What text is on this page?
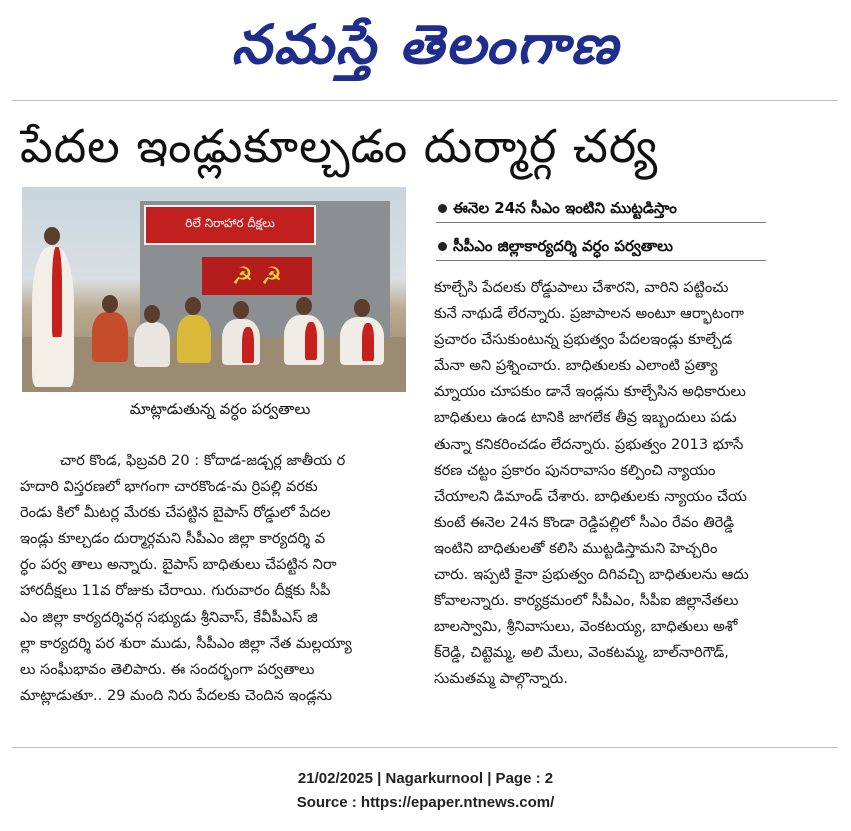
నమస్తే తెలంగాణ
పేదల ఇండ్లుకూల్చడం దుర్మార్గ చర్య
రిలే నిరాహార దీక్షలు
☭ ☭
మాట్లాడుతున్న వర్ధం పర్వతాలు
ఈనెల 24న సీఎం ఇంటిని ముట్టడిస్తాం
సీపీఎం జిల్లాకార్యదర్శి వర్ధం పర్వతాలు
చార కొండ, ఫిబ్రవరి 20 : కోదాడ-జడ్చర్ల జాతీయ ర
హదారి విస్తరణలో భాగంగా చారకొండ-మ ర్రిపల్లి వరకు
రెండు కిలో మీటర్ల మేరకు చేపట్టిన బైపాస్ రోడ్డులో పేదల
ఇండ్లు కూల్చడం దుర్మార్గమని సీపీఎం జిల్లా కార్యదర్శి వ
ర్ధం పర్వ తాలు అన్నారు. బైపాస్ బాధితులు చేపట్టిన నిరా
హారదీక్షలు 11వ రోజుకు చేరాయి. గురువారం దీక్షకు సీపీ
ఎం జిల్లా కార్యదర్శివర్గ సభ్యుడు శ్రీనివాస్, కేవీపీఎస్ జి
ల్లా కార్యదర్శి పర శురా ముడు, సీపీఎం జిల్లా నేత మల్లయ్యా
లు సంఘీభావం తెలిపారు. ఈ సందర్భంగా పర్వతాలు
మాట్లాడుతూ.. 29 మంది నిరు పేదలకు చెందిన ఇండ్లను
కూల్చేసి పేదలకు రోడ్డుపాలు చేశారని, వారిని పట్టించు
కునే నాథుడే లేరన్నారు. ప్రజాపాలన అంటూ ఆర్భాటంగా
ప్రచారం చేసుకుంటున్న ప్రభుత్వం పేదలఇండ్లు కూల్చేడ
మేనా అని ప్రశ్నించారు. బాధితులకు ఎలాంటి ప్రత్యా
మ్నాయం చూపకుం డానే ఇండ్లను కూల్చేసిన అధికారులు
బాధితులు ఉండ టానికి జాగలేక తీవ్ర ఇబ్బందులు పడు
తున్నా కనికరించడం లేదన్నారు. ప్రభుత్వం 2013 భూసే
కరణ చట్టం ప్రకారం పునరావాసం కల్పించి న్యాయం
చేయాలని డిమాండ్ చేశారు. బాధితులకు న్యాయం చేయ
కుంటే ఈనెల 24న కొండా రెడ్డిపల్లిలో సీఎం రేవం తిరెడ్డి
ఇంటిని బాధితులతో కలిసి ముట్టడిస్తామని హెచ్చరిం
చారు. ఇప్పటి కైనా ప్రభుత్వం దిగివచ్చి బాధితులను ఆదు
కోవాలన్నారు. కార్యక్రమంలో సీపీఎం, సీపీఐ జిల్లానేతలు
బాలస్వామి, శ్రీనివాసులు, వెంకటయ్య, బాధితులు అశో
క్‌రెడ్డి, చిట్టెమ్మ, అలి మేలు, వెంకటమ్మ, బాల్‌నారిగౌడ్,
సుమతమ్మ పాల్గొన్నారు.
21/02/2025 | Nagarkurnool | Page : 2
Source : https://epaper.ntnews.com/
